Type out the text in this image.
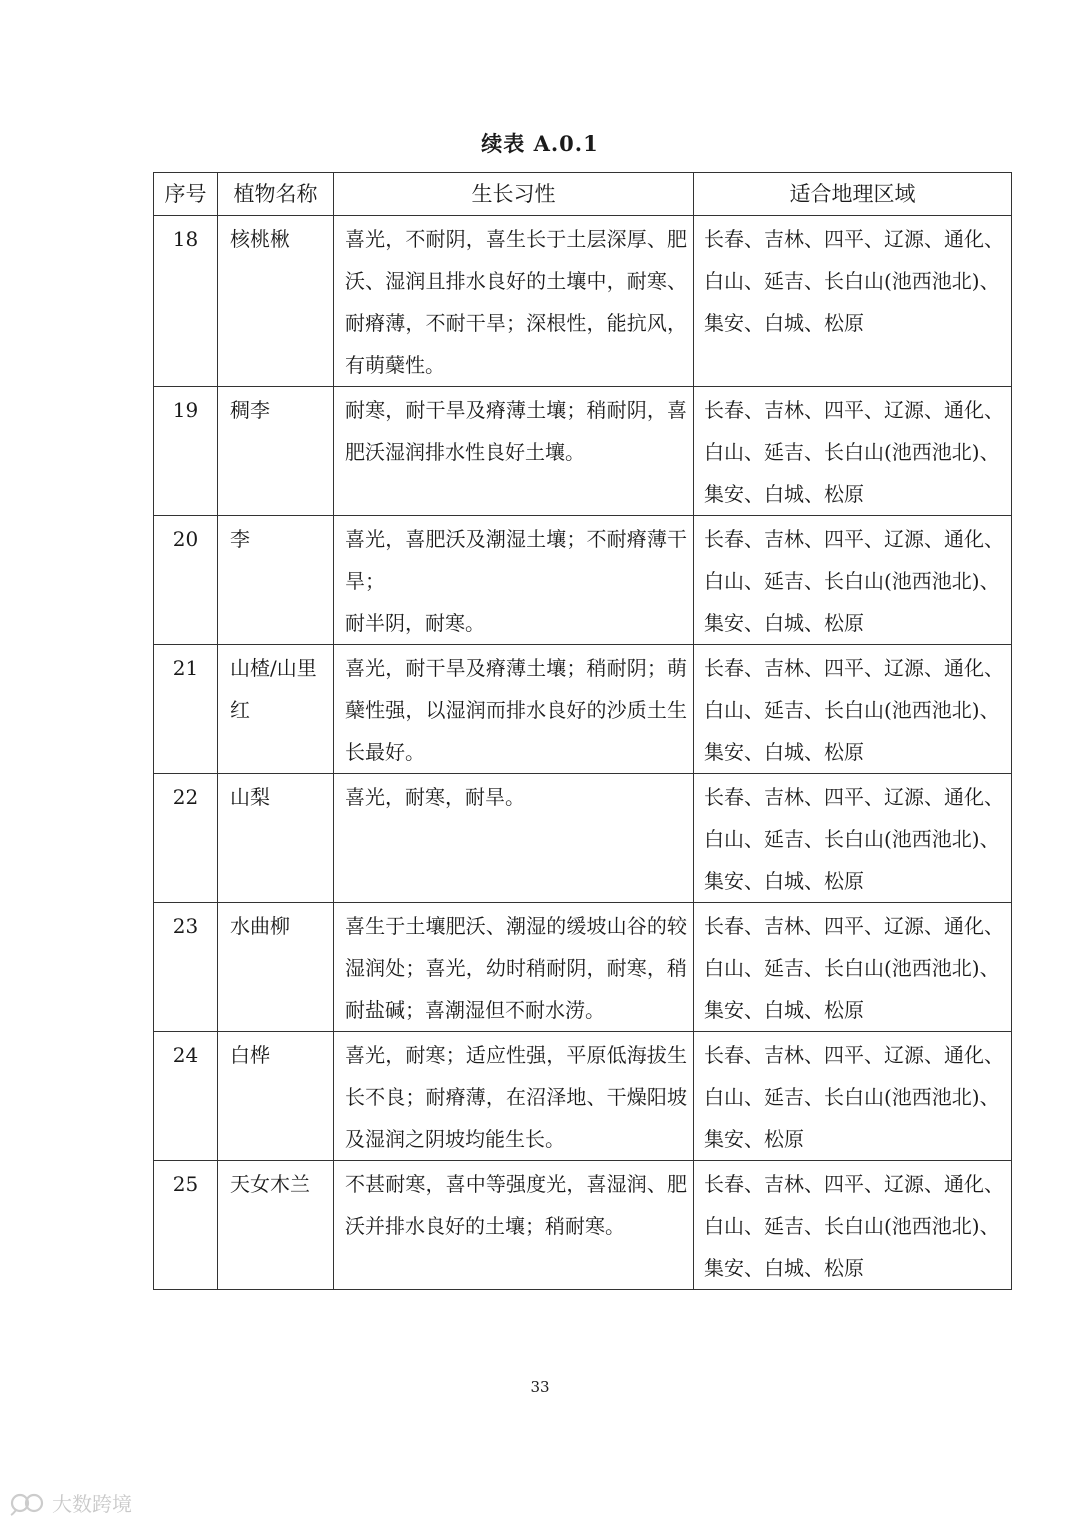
续表 A.0.1
序号	植物名称	生长习性	适合地理区域

18	核桃楸	喜光，不耐阴，喜生长于土层深厚、肥沃、湿润且排水良好的土壤中，耐寒、耐瘠薄，不耐干旱；深根性，能抗风，有萌蘖性。	长春、吉林、四平、辽源、通化、白山、延吉、长白山(池西池北)、集安、白城、松原

19	稠李	耐寒，耐干旱及瘠薄土壤；稍耐阴，喜肥沃湿润排水性良好土壤。	长春、吉林、四平、辽源、通化、白山、延吉、长白山(池西池北)、集安、白城、松原

20	李	喜光，喜肥沃及潮湿土壤；不耐瘠薄干旱；
耐半阴，耐寒。	长春、吉林、四平、辽源、通化、白山、延吉、长白山(池西池北)、集安、白城、松原

21	山楂/山里红	喜光，耐干旱及瘠薄土壤；稍耐阴；萌蘖性强，以湿润而排水良好的沙质土生长最好。	长春、吉林、四平、辽源、通化、白山、延吉、长白山(池西池北)、集安、白城、松原

22	山梨	喜光，耐寒，耐旱。	长春、吉林、四平、辽源、通化、白山、延吉、长白山(池西池北)、集安、白城、松原

23	水曲柳	喜生于土壤肥沃、潮湿的缓坡山谷的较湿润处；喜光，幼时稍耐阴，耐寒，稍耐盐碱；喜潮湿但不耐水涝。	长春、吉林、四平、辽源、通化、白山、延吉、长白山(池西池北)、集安、白城、松原

24	白桦	喜光，耐寒；适应性强，平原低海拔生长不良；耐瘠薄，在沼泽地、干燥阳坡及湿润之阴坡均能生长。	长春、吉林、四平、辽源、通化、白山、延吉、长白山(池西池北)、集安、松原

25	天女木兰	不甚耐寒，喜中等强度光，喜湿润、肥沃并排水良好的土壤；稍耐寒。	长春、吉林、四平、辽源、通化、白山、延吉、长白山(池西池北)、集安、白城、松原
33
大数跨境
